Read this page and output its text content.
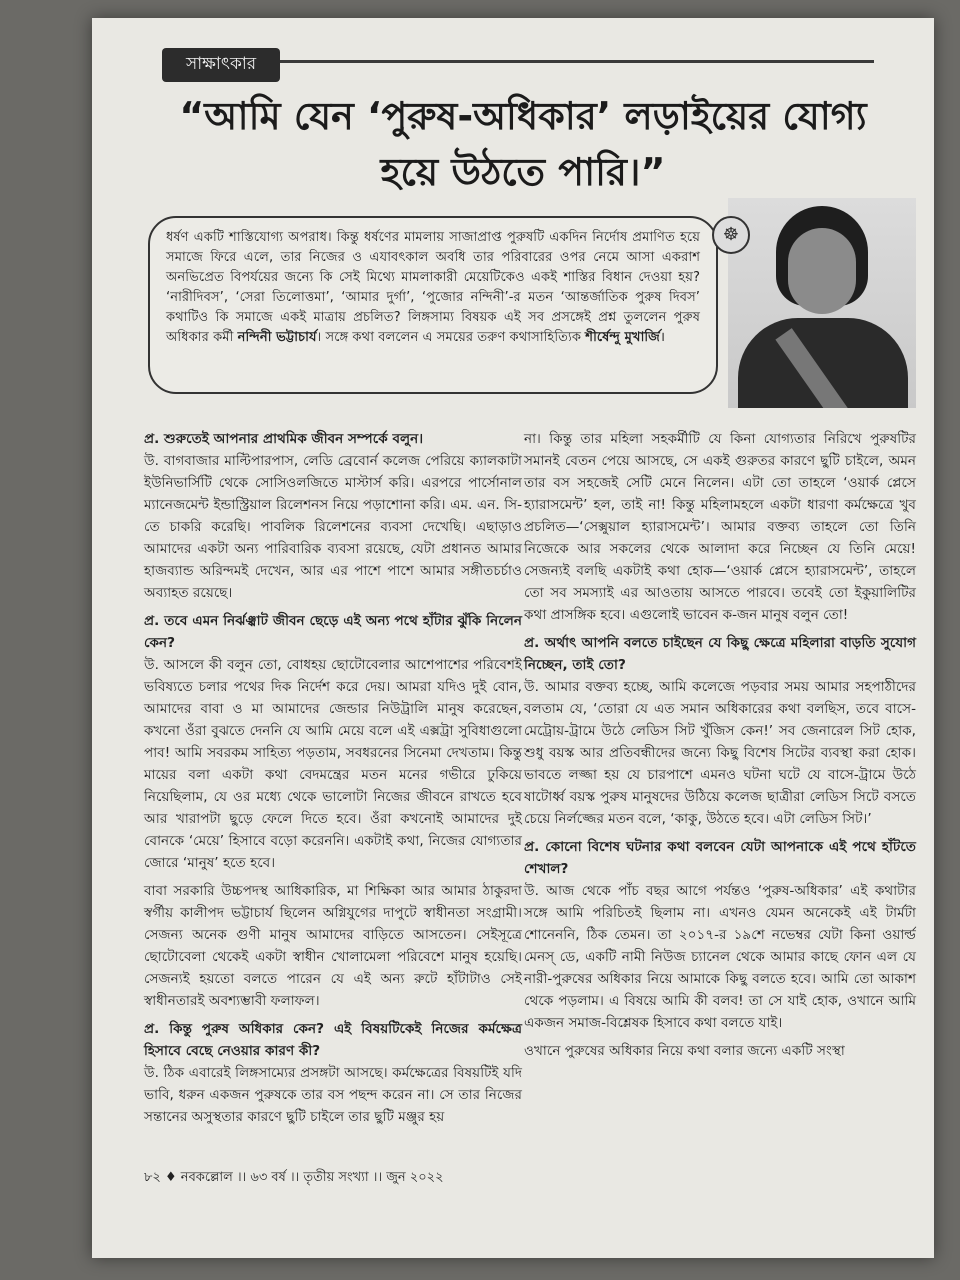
সাক্ষাৎকার
“আমি যেন ‘পুরুষ-অধিকার’ লড়াইয়ের যোগ্য হয়ে উঠতে পারি।”
ধর্ষণ একটি শাস্তিযোগ্য অপরাধ। কিন্তু ধর্ষণের মামলায় সাজাপ্রাপ্ত পুরুষটি একদিন নির্দোষ প্রমাণিত হয়ে সমাজে ফিরে এলে, তার নিজের ও এযাবৎকাল অবধি তার পরিবারের ওপর নেমে আসা একরাশ অনভিপ্রেত বিপর্যয়ের জন্যে কি সেই মিথ্যে মামলাকারী মেয়েটিকেও একই শাস্তির বিধান দেওয়া হয়? ‘নারীদিবস’, ‘সেরা তিলোত্তমা’, ‘আমার দুর্গা’, ‘পুজোর নন্দিনী’-র মতন ‘আন্তর্জাতিক পুরুষ দিবস’ কথাটিও কি সমাজে একই মাত্রায় প্রচলিত? লিঙ্গসাম্য বিষয়ক এই সব প্রসঙ্গেই প্রশ্ন তুললেন পুরুষ অধিকার কর্মী নন্দিনী ভট্টাচার্য। সঙ্গে কথা বললেন এ সময়ের তরুণ কথাসাহিত্যিক শীর্ষেন্দু মুখার্জি।
☸

প্র. শুরুতেই আপনার প্রাথমিক জীবন সম্পর্কে বলুন।
উ. বাগবাজার মাল্টিপারপাস, লেডি ব্রেবোর্ন কলেজ পেরিয়ে ক্যালকাটা ইউনিভার্সিটি থেকে সোসিওলজিতে মাস্টার্স করি। এরপরে পার্সোনাল ম্যানেজমেন্ট ইন্ডাস্ট্রিয়াল রিলেশনস নিয়ে পড়াশোনা করি। এম. এন. সি-তে চাকরি করেছি। পাবলিক রিলেশনের ব্যবসা দেখেছি। এছাড়াও আমাদের একটা অন্য পারিবারিক ব্যবসা রয়েছে, যেটা প্রধানত আমার হাজব্যান্ড অরিন্দমই দেখেন, আর এর পাশে পাশে আমার সঙ্গীতচর্চাও অব্যাহত রয়েছে।

প্র. তবে এমন নির্ঝঞ্ঝাট জীবন ছেড়ে এই অন্য পথে হাঁটার ঝুঁকি নিলেন কেন?
উ. আসলে কী বলুন তো, বোধহয় ছোটোবেলার আশেপাশের পরিবেশই ভবিষ্যতে চলার পথের দিক নির্দেশ করে দেয়। আমরা যদিও দুই বোন, আমাদের বাবা ও মা আমাদের জেন্ডার নিউট্রালি মানুষ করেছেন, কখনো ওঁরা বুঝতে দেননি যে আমি মেয়ে বলে এই এক্সট্রা সুবিধাগুলো পাব! আমি সবরকম সাহিত্য পড়তাম, সবধরনের সিনেমা দেখতাম। কিন্তু মায়ের বলা একটা কথা বেদমন্ত্রের মতন মনের গভীরে ঢুকিয়ে নিয়েছিলাম, যে ওর মধ্যে থেকে ভালোটা নিজের জীবনে রাখতে হবে আর খারাপটা ছুড়ে ফেলে দিতে হবে। ওঁরা কখনোই আমাদের দুই বোনকে ‘মেয়ে’ হিসাবে বড়ো করেননি। একটাই কথা, নিজের যোগ্যতার জোরে ‘মানুষ’ হতে হবে।

বাবা সরকারি উচ্চপদস্থ আধিকারিক, মা শিক্ষিকা আর আমার ঠাকুরদা স্বর্গীয় কালীপদ ভট্টাচার্য ছিলেন অগ্নিযুগের দাপুটে স্বাধীনতা সংগ্রামী। সেজন্য অনেক গুণী মানুষ আমাদের বাড়িতে আসতেন। সেইসূত্রে ছোটোবেলা থেকেই একটা স্বাধীন খোলামেলা পরিবেশে মানুষ হয়েছি। সেজন্যই হয়তো বলতে পারেন যে এই অন্য রুটে হাঁটাটাও সেই স্বাধীনতারই অবশ্যম্ভাবী ফলাফল।

প্র. কিন্তু পুরুষ অধিকার কেন? এই বিষয়টিকেই নিজের কর্মক্ষেত্র হিসাবে বেছে নেওয়ার কারণ কী?
উ. ঠিক এবারেই লিঙ্গসাম্যের প্রসঙ্গটা আসছে। কর্মক্ষেত্রের বিষয়টিই যদি ভাবি, ধরুন একজন পুরুষকে তার বস পছন্দ করেন না। সে তার নিজের সন্তানের অসুস্থতার কারণে ছুটি চাইলে তার ছুটি মঞ্জুর হয়

না। কিন্তু তার মহিলা সহকর্মীটি যে কিনা যোগ্যতার নিরিখে পুরুষটির সমানই বেতন পেয়ে আসছে, সে একই গুরুতর কারণে ছুটি চাইলে, অমন তার বস সহজেই সেটি মেনে নিলেন। এটা তো তাহলে ‘ওয়ার্ক প্লেসে হ্যারাসমেন্ট’ হল, তাই না! কিন্তু মহিলামহলে একটা ধারণা কর্মক্ষেত্রে খুব প্রচলিত—‘সেক্সুয়াল হ্যারাসমেন্ট’। আমার বক্তব্য তাহলে তো তিনি নিজেকে আর সকলের থেকে আলাদা করে নিচ্ছেন যে তিনি মেয়ে! সেজন্যই বলছি একটাই কথা হোক—‘ওয়ার্ক প্লেসে হ্যারাসমেন্ট’, তাহলে তো সব সমস্যাই এর আওতায় আসতে পারবে। তবেই তো ইকুয়ালিটির কথা প্রাসঙ্গিক হবে। এগুলোই ভাবেন ক-জন মানুষ বলুন তো!

প্র. অর্থাৎ আপনি বলতে চাইছেন যে কিছু ক্ষেত্রে মহিলারা বাড়তি সুযোগ নিচ্ছেন, তাই তো?
উ. আমার বক্তব্য হচ্ছে, আমি কলেজে পড়বার সময় আমার সহপাঠীদের বলতাম যে, ‘তোরা যে এত সমান অধিকারের কথা বলছিস, তবে বাসে-মেট্রোয়-ট্রামে উঠে লেডিস সিট খুঁজিস কেন!’ সব জেনারেল সিট হোক, শুধু বয়স্ক আর প্রতিবন্ধীদের জন্যে কিছু বিশেষ সিটের ব্যবস্থা করা হোক। ভাবতে লজ্জা হয় যে চারপাশে এমনও ঘটনা ঘটে যে বাসে-ট্রামে উঠে ষাটোর্ধ্ব বয়স্ক পুরুষ মানুষদের উঠিয়ে কলেজ ছাত্রীরা লেডিস সিটে বসতে চেয়ে নির্লজ্জের মতন বলে, ‘কাকু, উঠতে হবে। এটা লেডিস সিট।’

প্র. কোনো বিশেষ ঘটনার কথা বলবেন যেটা আপনাকে এই পথে হাঁটতে শেখাল?
উ. আজ থেকে পাঁচ বছর আগে পর্যন্তও ‘পুরুষ-অধিকার’ এই কথাটার সঙ্গে আমি পরিচিতই ছিলাম না। এখনও যেমন অনেকেই এই টার্মটা শোনেননি, ঠিক তেমন। তা ২০১৭-র ১৯শে নভেম্বর যেটা কিনা ওয়ার্ল্ড মেনস্ ডে, একটি নামী নিউজ চ্যানেল থেকে আমার কাছে ফোন এল যে নারী-পুরুষের অধিকার নিয়ে আমাকে কিছু বলতে হবে। আমি তো আকাশ থেকে পড়লাম। এ বিষয়ে আমি কী বলব! তা সে যাই হোক, ওখানে আমি একজন সমাজ-বিশ্লেষক হিসাবে কথা বলতে যাই।

ওখানে পুরুষের অধিকার নিয়ে কথা বলার জন্যে একটি সংস্থা

৮২ ♦ নবকল্লোল ।। ৬৩ বর্ষ ।। তৃতীয় সংখ্যা ।। জুন ২০২২
